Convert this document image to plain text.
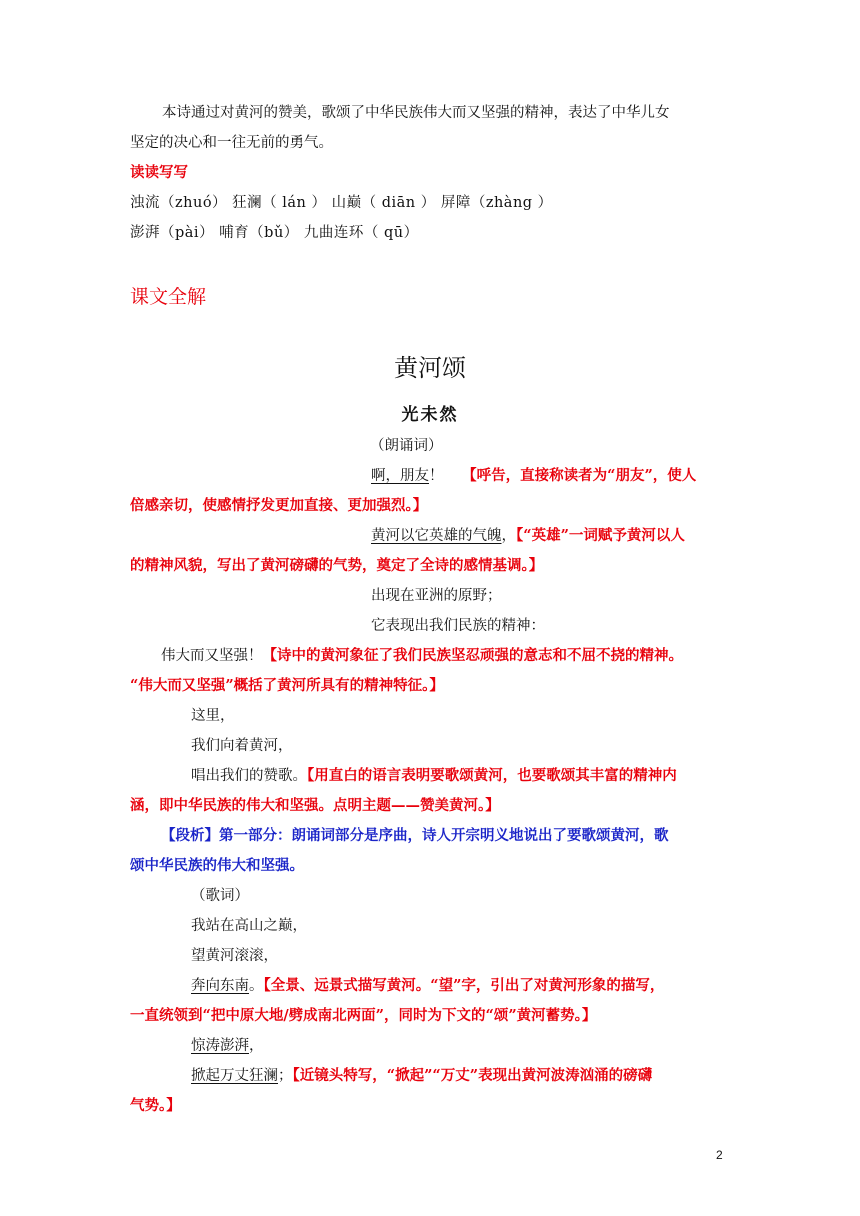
本诗通过对黄河的赞美，歌颂了中华民族伟大而又坚强的精神，表达了中华儿女
坚定的决心和一往无前的勇气。
读读写写
浊流（zhuó） 狂澜（ lán ） 山巅（ diān ） 屏障（zhàng ）
澎湃（pài） 哺育（bǔ） 九曲连环（ qū）
课文全解
黄河颂
光未然
（朗诵词）
啊，朋友！ 【呼告，直接称读者为“朋友”，使人
倍感亲切，使感情抒发更加直接、更加强烈。】
黄河以它英雄的气魄，【“英雄”一词赋予黄河以人
的精神风貌，写出了黄河磅礴的气势，奠定了全诗的感情基调。】
出现在亚洲的原野；
它表现出我们民族的精神：
伟大而又坚强！【诗中的黄河象征了我们民族坚忍顽强的意志和不屈不挠的精神。
“伟大而又坚强”概括了黄河所具有的精神特征。】
这里，
我们向着黄河，
唱出我们的赞歌。【用直白的语言表明要歌颂黄河，也要歌颂其丰富的精神内
涵，即中华民族的伟大和坚强。点明主题——赞美黄河。】
【段析】第一部分：朗诵词部分是序曲，诗人开宗明义地说出了要歌颂黄河，歌
颂中华民族的伟大和坚强。
（歌词）
我站在高山之巅，
望黄河滚滚，
奔向东南。【全景、远景式描写黄河。“望”字，引出了对黄河形象的描写，
一直统领到“把中原大地/劈成南北两面”，同时为下文的“颂”黄河蓄势。】
惊涛澎湃，
掀起万丈狂澜；【近镜头特写，“掀起”“万丈”表现出黄河波涛汹涌的磅礴
气势。】
2
